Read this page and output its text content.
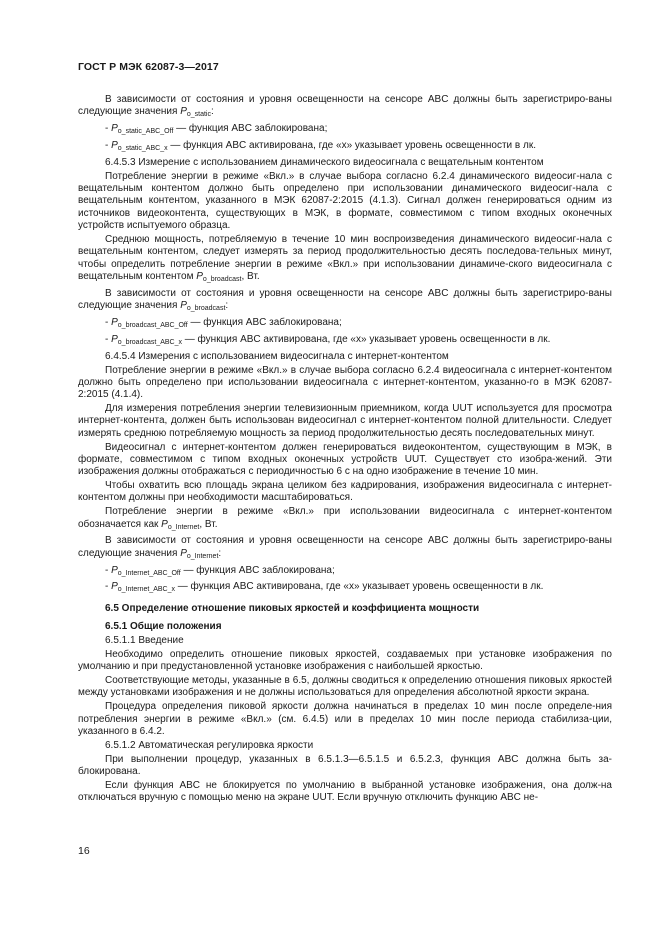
ГОСТ Р МЭК 62087-3—2017

В зависимости от состояния и уровня освещенности на сенсоре ABC должны быть зарегистриро-ваны следующие значения $P_{o\_static}$:

- $P_{o\_static\_ABC\_Off}$ — функция ABC заблокирована;

- $P_{o\_static\_ABC\_x}$ — функция ABC активирована, где «x» указывает уровень освещенности в лк.

6.4.5.3 Измерение с использованием динамического видеосигнала с вещательным контентом

Потребление энергии в режиме «Вкл.» в случае выбора согласно 6.2.4 динамического видеосиг-нала с вещательным контентом должно быть определено при использовании динамического видеосиг-нала с вещательным контентом, указанного в МЭК 62087-2:2015 (4.1.3). Сигнал должен генерироваться одним из источников видеоконтента, существующих в МЭК, в формате, совместимом с типом входных оконечных устройств испытуемого образца.

Среднюю мощность, потребляемую в течение 10 мин воспроизведения динамического видеосиг-нала с вещательным контентом, следует измерять за период продолжительностью десять последова-тельных минут, чтобы определить потребление энергии в режиме «Вкл.» при использовании динамиче-ского видеосигнала с вещательным контентом $P_{o\_broadcast}$, Вт.

В зависимости от состояния и уровня освещенности на сенсоре ABC должны быть зарегистриро-ваны следующие значения $P_{o\_broadcast}$:

- $P_{o\_broadcast\_ABC\_Off}$ — функция ABC заблокирована;

- $P_{o\_broadcast\_ABC\_x}$ — функция ABC активирована, где «x» указывает уровень освещенности в лк.

6.4.5.4 Измерения с использованием видеосигнала с интернет-контентом

Потребление энергии в режиме «Вкл.» в случае выбора согласно 6.2.4 видеосигнала с интернет-контентом должно быть определено при использовании видеосигнала с интернет-контентом, указанно-го в МЭК 62087-2:2015 (4.1.4).

Для измерения потребления энергии телевизионным приемником, когда UUT используется для просмотра интернет-контента, должен быть использован видеосигнал с интернет-контентом полной длительности. Следует измерять среднюю потребляемую мощность за период продолжительностью десять последовательных минут.

Видеосигнал с интернет-контентом должен генерироваться видеоконтентом, существующим в МЭК, в формате, совместимом с типом входных оконечных устройств UUT. Существует сто изобра-жений. Эти изображения должны отображаться с периодичностью 6 с на одно изображение в течение 10 мин.

Чтобы охватить всю площадь экрана целиком без кадрирования, изображения видеосигнала с интернет-контентом должны при необходимости масштабироваться.

Потребление энергии в режиме «Вкл.» при использовании видеосигнала с интернет-контентом обозначается как $P_{o\_Internet}$, Вт.

В зависимости от состояния и уровня освещенности на сенсоре ABC должны быть зарегистриро-ваны следующие значения $P_{o\_Internet}$:

- $P_{o\_Internet\_ABC\_Off}$ — функция ABC заблокирована;

- $P_{o\_Internet\_ABC\_x}$ — функция ABC активирована, где «x» указывает уровень освещенности в лк.

6.5 Определение отношение пиковых яркостей и коэффициента мощности

6.5.1 Общие положения

6.5.1.1 Введение

Необходимо определить отношение пиковых яркостей, создаваемых при установке изображения по умолчанию и при предустановленной установке изображения с наибольшей яркостью.

Соответствующие методы, указанные в 6.5, должны сводиться к определению отношения пиковых яркостей между установками изображения и не должны использоваться для определения абсолютной яркости экрана.

Процедура определения пиковой яркости должна начинаться в пределах 10 мин после определе-ния потребления энергии в режиме «Вкл.» (см. 6.4.5) или в пределах 10 мин после периода стабилиза-ции, указанного в 6.4.2.

6.5.1.2 Автоматическая регулировка яркости

При выполнении процедур, указанных в 6.5.1.3—6.5.1.5 и 6.5.2.3, функция ABC должна быть за-блокирована.

Если функция ABC не блокируется по умолчанию в выбранной установке изображения, она долж-на отключаться вручную с помощью меню на экране UUT. Если вручную отключить функцию ABC не-

16
